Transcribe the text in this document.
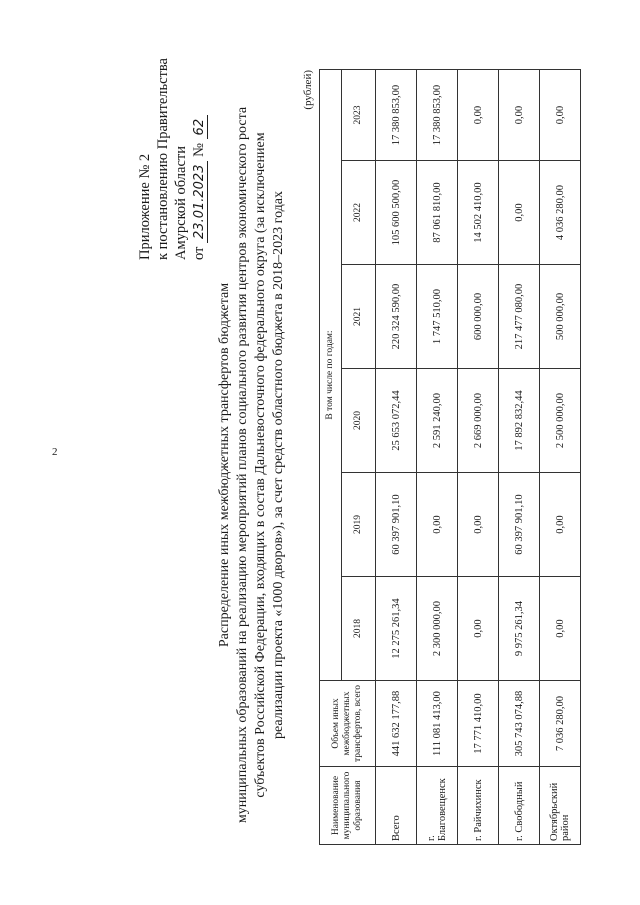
2
Приложение № 2 к постановлению Правительства Амурской области от 23.01.2023 № 62
Распределение иных межбюджетных трансфертов бюджетам муниципальных образований на реализацию мероприятий планов социального развития центров экономического роста субъектов Российской Федерации, входящих в состав Дальневосточного федерального округа (за исключением реализации проекта «1000 дворов»), за счет средств областного бюджета в 2018–2023 годах
(рублей)
Наименование муниципального образования	Объем иных межбюджетных трансфертов, всего	В том числе по годам:					
		2018	2019	2020	2021	2022	2023
Всего	441 632 177,88	12 275 261,34	60 397 901,10	25 653 072,44	220 324 590,00	105 600 500,00	17 380 853,00
г. Благовещенск	111 081 413,00	2 300 000,00	0,00	2 591 240,00	1 747 510,00	87 061 810,00	17 380 853,00
г. Райчихинск	17 771 410,00	0,00	0,00	2 669 000,00	600 000,00	14 502 410,00	0,00
г. Свободный	305 743 074,88	9 975 261,34	60 397 901,10	17 892 832,44	217 477 080,00	0,00	0,00
Октябрьский район	7 036 280,00	0,00	0,00	2 500 000,00	500 000,00	4 036 280,00	0,00
